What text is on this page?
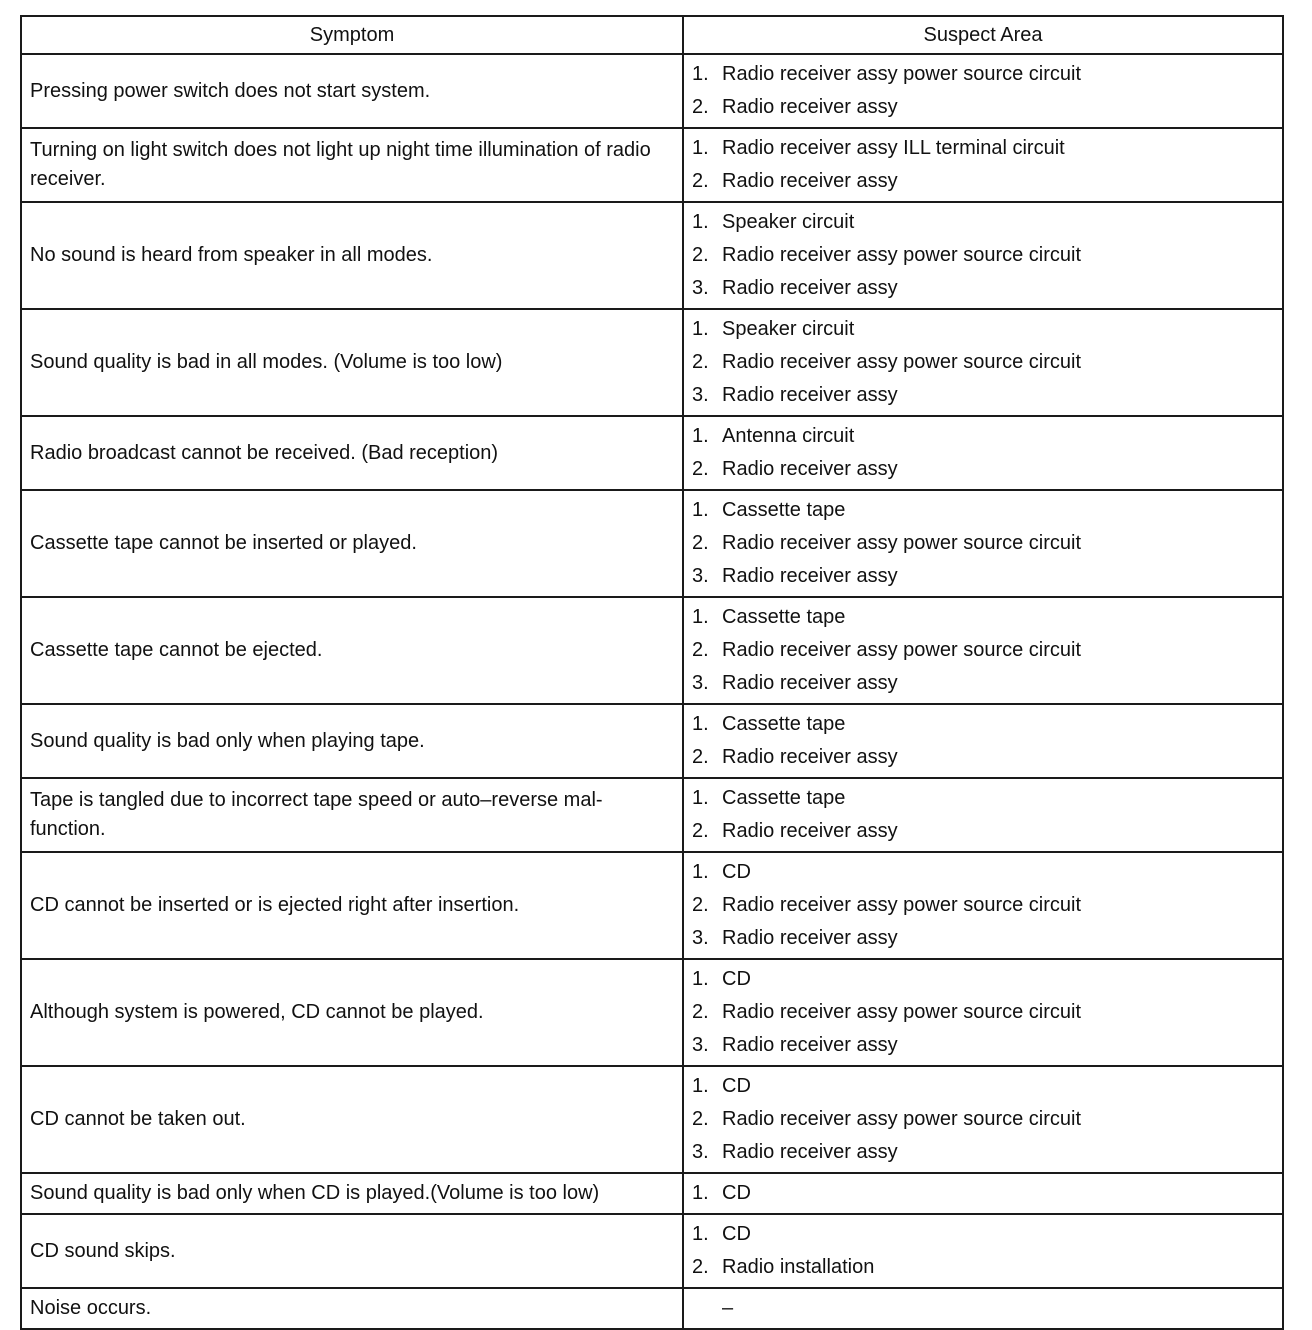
Symptom	Suspect Area
Pressing power switch does not start system.	1. Radio receiver assy power source circuit
2. Radio receiver assy

Turning on light switch does not light up night time illumination of radio receiver.	1. Radio receiver assy ILL terminal circuit
2. Radio receiver assy

No sound is heard from speaker in all modes.	1. Speaker circuit
2. Radio receiver assy power source circuit
3. Radio receiver assy

Sound quality is bad in all modes. (Volume is too low)	1. Speaker circuit
2. Radio receiver assy power source circuit
3. Radio receiver assy

Radio broadcast cannot be received. (Bad reception)	1. Antenna circuit
2. Radio receiver assy

Cassette tape cannot be inserted or played.	1. Cassette tape
2. Radio receiver assy power source circuit
3. Radio receiver assy

Cassette tape cannot be ejected.	1. Cassette tape
2. Radio receiver assy power source circuit
3. Radio receiver assy

Sound quality is bad only when playing tape.	1. Cassette tape
2. Radio receiver assy

Tape is tangled due to incorrect tape speed or auto–reverse mal-function.	1. Cassette tape
2. Radio receiver assy

CD cannot be inserted or is ejected right after insertion.	1. CD
2. Radio receiver assy power source circuit
3. Radio receiver assy

Although system is powered, CD cannot be played.	1. CD
2. Radio receiver assy power source circuit
3. Radio receiver assy

CD cannot be taken out.	1. CD
2. Radio receiver assy power source circuit
3. Radio receiver assy

Sound quality is bad only when CD is played.(Volume is too low)	1. CD

CD sound skips.	1. CD
2. Radio installation

Noise occurs.	–
